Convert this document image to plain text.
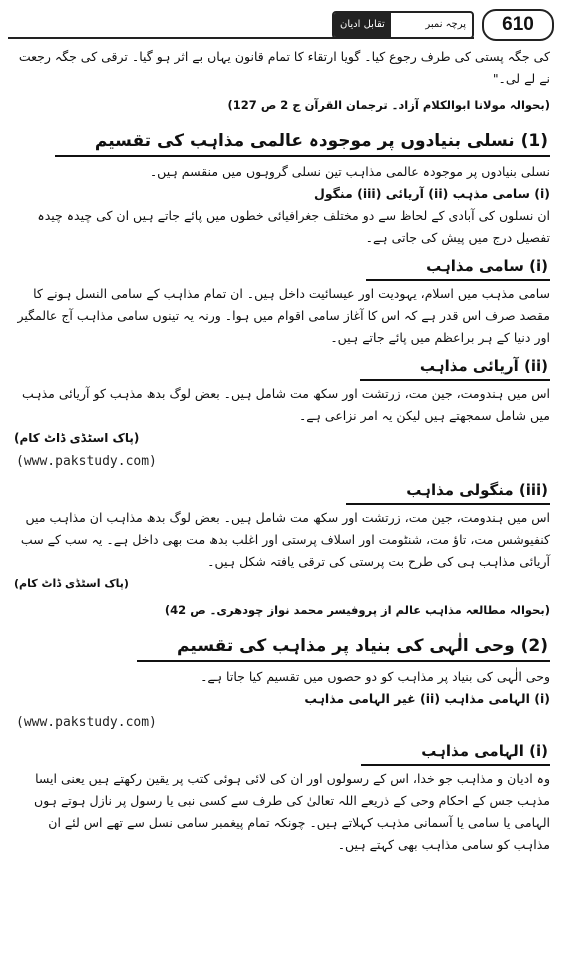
تقابل ادیان	پرچہ نمبر	610

کی جگہ پستی کی طرف رجوع کیا۔ گویا ارتقاء کا تمام قانون یہاں بے اثر ہو گیا۔ ترقی کی جگہ رجعت نے لے لی۔"

(بحوالہ مولانا ابوالکلام آزاد۔ ترجمان القرآن ج 2 ص 127)

(1) نسلی بنیادوں پر موجودہ عالمی مذاہب کی تقسیم

نسلی بنیادوں پر موجودہ عالمی مذاہب تین نسلی گروہوں میں منقسم ہیں۔

(i) سامی مذہب (ii) آریائی (iii) منگول

ان نسلوں کی آبادی کے لحاظ سے دو مختلف جغرافیائی خطوں میں پائے جاتے ہیں ان کی چیدہ چیدہ تفصیل درج میں پیش کی جاتی ہے۔

(i) سامی مذاہب

سامی مذہب میں اسلام، یہودیت اور عیسائیت داخل ہیں۔ ان تمام مذاہب کے سامی النسل ہونے کا مقصد صرف اس قدر ہے کہ اس کا آغاز سامی اقوام میں ہوا۔ ورنہ یہ تینوں سامی مذاہب آج عالمگیر اور دنیا کے ہر براعظم میں پائے جاتے ہیں۔

(ii) آریائی مذاہب

اس میں ہندومت، جین مت، زرتشت اور سکھ مت شامل ہیں۔ بعض لوگ بدھ مذہب کو آریائی مذہب میں شامل سمجھتے ہیں لیکن یہ امر نزاعی ہے۔

(پاک اسٹڈی ڈاٹ کام)

(www.pakstudy.com)
(iii) منگولی مذاہب

اس میں ہندومت، جین مت، زرتشت اور سکھ مت شامل ہیں۔ بعض لوگ بدھ مذاہب ان مذاہب میں کنفیوشس مت، تاؤ مت، شنٹومت اور اسلاف پرستی اور اغلب بدھ مت بھی داخل ہے۔ یہ سب کے سب آریائی مذاہب ہی کی طرح بت پرستی کی ترقی یافتہ شکل ہیں۔

(پاک اسٹڈی ڈاٹ کام)

(بحوالہ مطالعہ مذاہب عالم از پروفیسر محمد نواز چودھری۔ ص 42)

(2) وحی الٰہی کی بنیاد پر مذاہب کی تقسیم

وحی الٰہی کی بنیاد پر مذاہب کو دو حصوں میں تقسیم کیا جاتا ہے۔

(i) الہامی مذاہب (ii) غیر الہامی مذاہب

(www.pakstudy.com)
(i) الہامی مذاہب

وہ ادیان و مذاہب جو خدا، اس کے رسولوں اور ان کی لائی ہوئی کتب پر یقین رکھتے ہیں یعنی ایسا مذہب جس کے احکام وحی کے ذریعے اللہ تعالیٰ کی طرف سے کسی نبی یا رسول پر نازل ہوتے ہوں الہامی یا سامی یا آسمانی مذہب کہلاتے ہیں۔ چونکہ تمام پیغمبر سامی نسل سے تھے اس لئے ان مذاہب کو سامی مذاہب بھی کہتے ہیں۔
